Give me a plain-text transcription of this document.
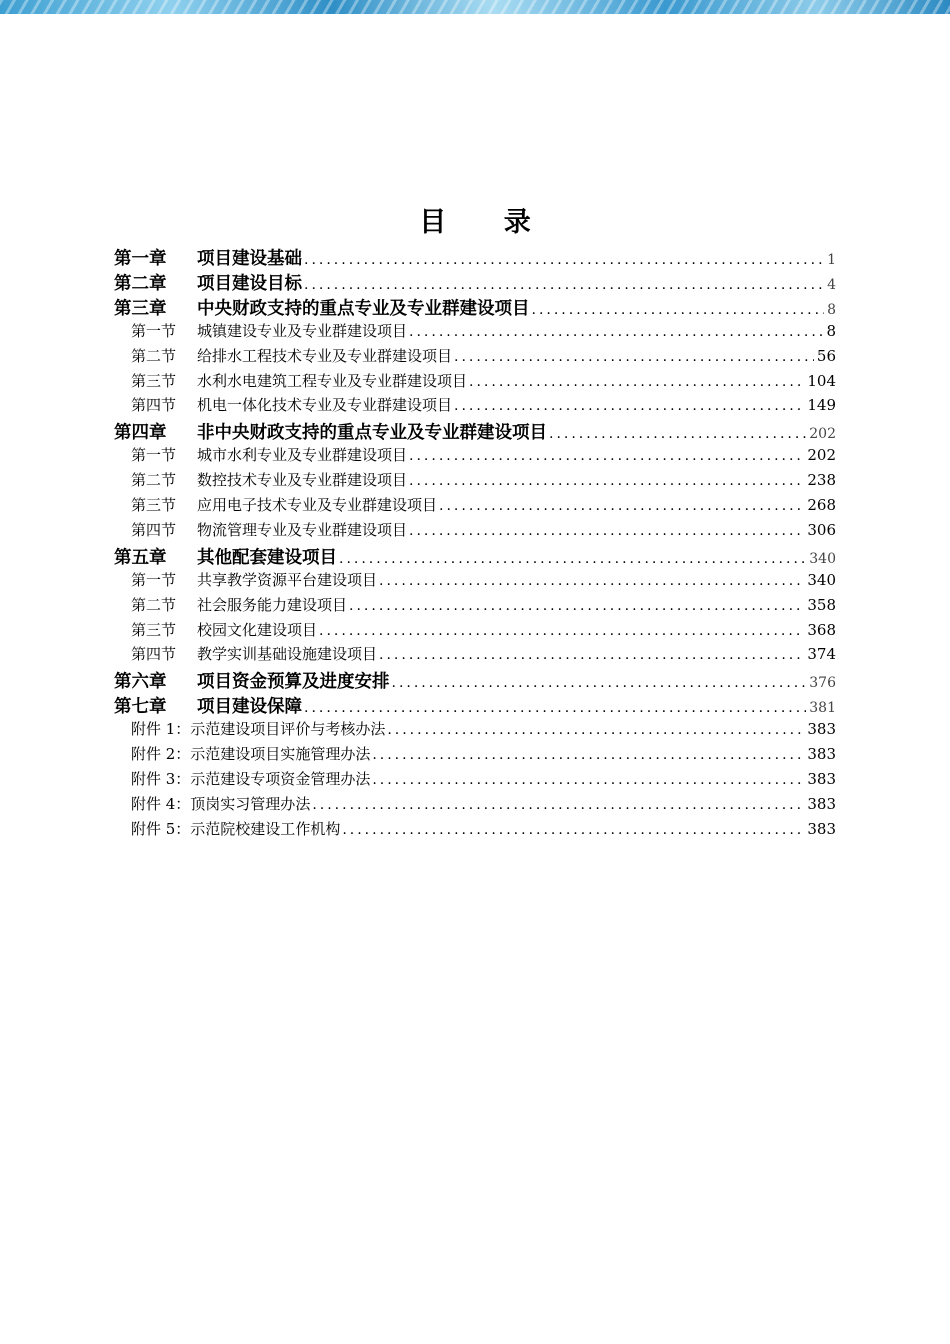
目 录
第一章 项目建设基础 .....	1
第二章 项目建设目标 .....	4
第三章 中央财政支持的重点专业及专业群建设项目 .....	8
第一节 城镇建设专业及专业群建设项目 .....	8
第二节 给排水工程技术专业及专业群建设项目 .....	56
第三节 水利水电建筑工程专业及专业群建设项目 .....	104
第四节 机电一体化技术专业及专业群建设项目 .....	149
第四章 非中央财政支持的重点专业及专业群建设项目 .....	202
第一节 城市水利专业及专业群建设项目 .....	202
第二节 数控技术专业及专业群建设项目 .....	238
第三节 应用电子技术专业及专业群建设项目 .....	268
第四节 物流管理专业及专业群建设项目 .....	306
第五章 其他配套建设项目 .....	340
第一节 共享教学资源平台建设项目 .....	340
第二节 社会服务能力建设项目 .....	358
第三节 校园文化建设项目 .....	368
第四节 教学实训基础设施建设项目 .....	374
第六章 项目资金预算及进度安排 .....	376
第七章 项目建设保障 .....	381
附件 1：示范建设项目评价与考核办法 .....	383
附件 2：示范建设项目实施管理办法 .....	383
附件 3：示范建设专项资金管理办法 .....	383
附件 4：顶岗实习管理办法 .....	383
附件 5：示范院校建设工作机构 .....	383
